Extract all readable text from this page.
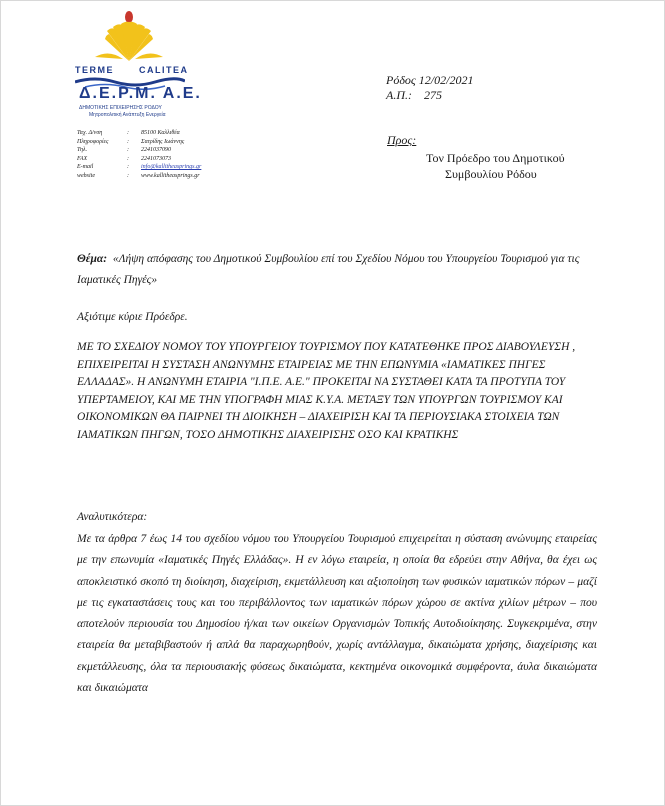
TERME	CALITEA
Δ.Ε.Ρ.Μ. Α.Ε.
ΔΗΜΟΤΙΚΗΣ ΕΠΙΧΕΙΡΗΣΗΣ ΡΟΔΟΥ
Μητροπολιτική Ανάπτυξη Ενεργεία
Ρόδος 12/02/2021
Α.Π.: 275
Ταχ. Δ/νση	:	85100 Καλλιθέα
Πληροφορίες	:	Σατρίδης Ιωάννης
Τηλ.	:	2241037090
FAX	:	2241073073
E-mail	:	info@kallitheasprings.gr
website	:	www.kallitheasprings.gr
Προς:
Τον Πρόεδρο του Δημοτικού
Συμβουλίου Ρόδου
Θέμα: «Λήψη απόφασης του Δημοτικού Συμβουλίου επί του Σχεδίου Νόμου του Υπουργείου Τουρισμού για τις Ιαματικές Πηγές»
Αξιότιμε κύριε Πρόεδρε.
ΜΕ ΤΟ ΣΧΕΔΙΟΥ ΝΟΜΟΥ ΤΟΥ ΥΠΟΥΡΓΕΙΟΥ ΤΟΥΡΙΣΜΟΥ ΠΟΥ ΚΑΤΑΤΕΘΗΚΕ ΠΡΟΣ ΔΙΑΒΟΥΛΕΥΣΗ , ΕΠΙΧΕΙΡΕΙΤΑΙ Η ΣΥΣΤΑΣΗ ΑΝΩΝΥΜΗΣ ΕΤΑΙΡΕΙΑΣ ΜΕ ΤΗΝ ΕΠΩΝΥΜΙΑ «ΙΑΜΑΤΙΚΕΣ ΠΗΓΕΣ ΕΛΛΑΔΑΣ». Η ΑΝΩΝΥΜΗ ΕΤΑΙΡΙΑ "Ι.Π.Ε. Α.Ε." ΠΡΟΚΕΙΤΑΙ ΝΑ ΣΥΣΤΑΘΕΙ ΚΑΤΑ ΤΑ ΠΡΟΤΥΠΑ ΤΟΥ ΥΠΕΡΤΑΜΕΙΟΥ, ΚΑΙ ΜΕ ΤΗΝ ΥΠΟΓΡΑΦΗ ΜΙΑΣ Κ.Υ.Α. ΜΕΤΑΞΥ ΤΩΝ ΥΠΟΥΡΓΩΝ ΤΟΥΡΙΣΜΟΥ ΚΑΙ ΟΙΚΟΝΟΜΙΚΩΝ ΘΑ ΠΑΙΡΝΕΙ ΤΗ ΔΙΟΙΚΗΣΗ – ΔΙΑΧΕΙΡΙΣΗ ΚΑΙ ΤΑ ΠΕΡΙΟΥΣΙΑΚΑ ΣΤΟΙΧΕΙΑ ΤΩΝ ΙΑΜΑΤΙΚΩΝ ΠΗΓΩΝ, ΤΟΣΟ ΔΗΜΟΤΙΚΗΣ ΔΙΑΧΕΙΡΙΣΗΣ ΟΣΟ ΚΑΙ ΚΡΑΤΙΚΗΣ
Αναλυτικότερα:
Με τα άρθρα 7 έως 14 του σχεδίου νόμου του Υπουργείου Τουρισμού επιχειρείται η σύσταση ανώνυμης εταιρείας με την επωνυμία «Ιαματικές Πηγές Ελλάδας». Η εν λόγω εταιρεία, η οποία θα εδρεύει στην Αθήνα, θα έχει ως αποκλειστικό σκοπό τη διοίκηση, διαχείριση, εκμετάλλευση και αξιοποίηση των φυσικών ιαματικών πόρων – μαζί με τις εγκαταστάσεις τους και του περιβάλλοντος των ιαματικών πόρων χώρου σε ακτίνα χιλίων μέτρων – που αποτελούν περιουσία του Δημοσίου ή/και των οικείων Οργανισμών Τοπικής Αυτοδιοίκησης. Συγκεκριμένα, στην εταιρεία θα μεταβιβαστούν ή απλά θα παραχωρηθούν, χωρίς αντάλλαγμα, δικαιώματα χρήσης, διαχείρισης και εκμετάλλευσης, όλα τα περιουσιακής φύσεως δικαιώματα, κεκτημένα οικονομικά συμφέροντα, άυλα δικαιώματα και δικαιώματα
